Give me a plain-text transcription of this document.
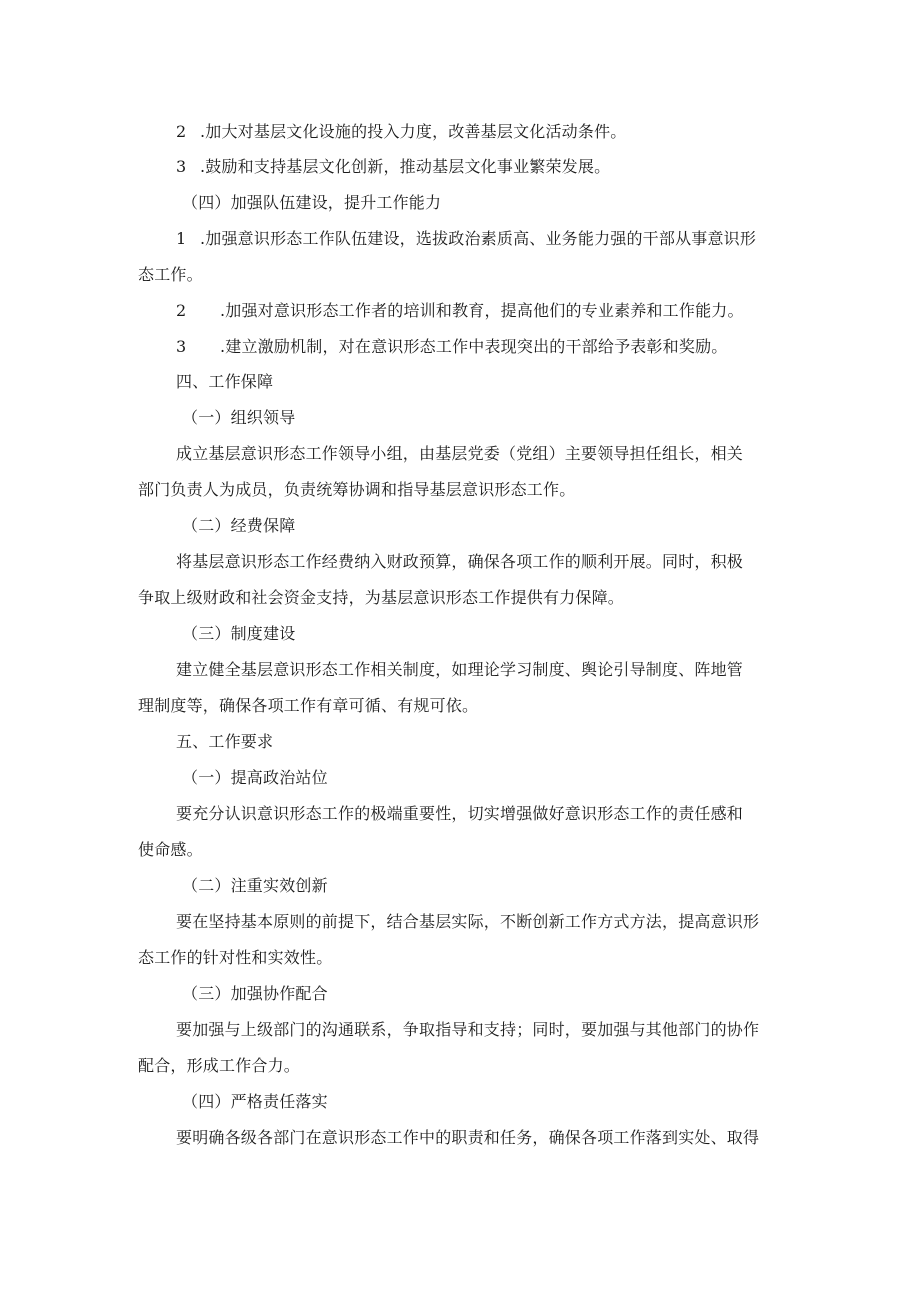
2 .加大对基层文化设施的投入力度，改善基层文化活动条件。
3 .鼓励和支持基层文化创新，推动基层文化事业繁荣发展。
（四）加强队伍建设，提升工作能力
1 .加强意识形态工作队伍建设，选拔政治素质高、业务能力强的干部从事意识形
态工作。
2 .加强对意识形态工作者的培训和教育，提高他们的专业素养和工作能力。
3 .建立激励机制，对在意识形态工作中表现突出的干部给予表彰和奖励。
四、工作保障
（一）组织领导
成立基层意识形态工作领导小组，由基层党委（党组）主要领导担任组长，相关
部门负责人为成员，负责统筹协调和指导基层意识形态工作。
（二）经费保障
将基层意识形态工作经费纳入财政预算，确保各项工作的顺利开展。同时，积极
争取上级财政和社会资金支持，为基层意识形态工作提供有力保障。
（三）制度建设
建立健全基层意识形态工作相关制度，如理论学习制度、舆论引导制度、阵地管
理制度等，确保各项工作有章可循、有规可依。
五、工作要求
（一）提高政治站位
要充分认识意识形态工作的极端重要性，切实增强做好意识形态工作的责任感和
使命感。
（二）注重实效创新
要在坚持基本原则的前提下，结合基层实际，不断创新工作方式方法，提高意识形
态工作的针对性和实效性。
（三）加强协作配合
要加强与上级部门的沟通联系，争取指导和支持；同时，要加强与其他部门的协作
配合，形成工作合力。
（四）严格责任落实
要明确各级各部门在意识形态工作中的职责和任务，确保各项工作落到实处、取得
